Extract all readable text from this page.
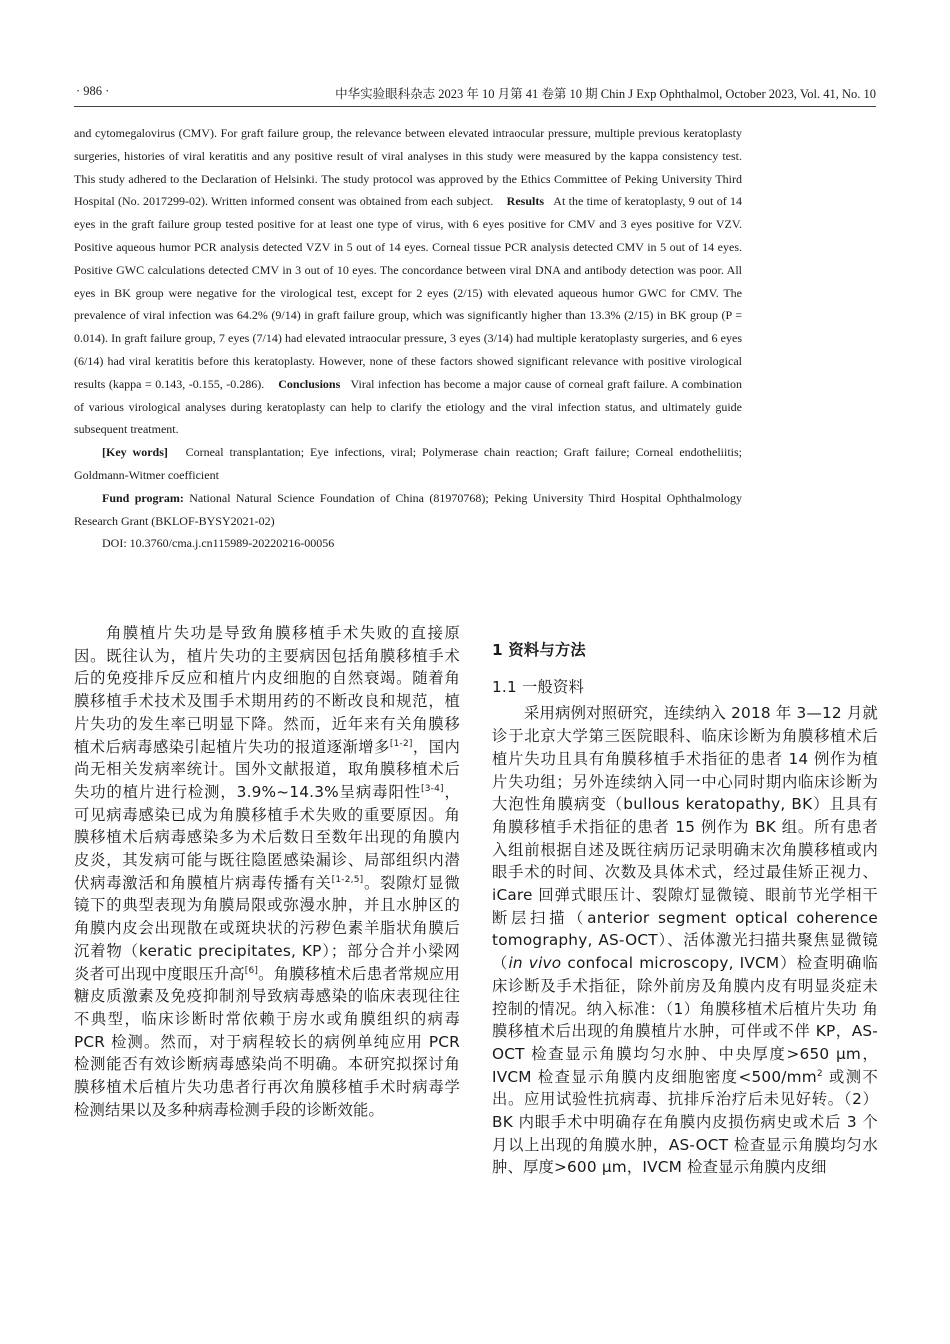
· 986 ·	中华实验眼科杂志 2023 年 10 月第 41 卷第 10 期 Chin J Exp Ophthalmol, October 2023, Vol. 41, No. 10

and cytomegalovirus (CMV). For graft failure group, the relevance between elevated intraocular pressure, multiple previous keratoplasty surgeries, histories of viral keratitis and any positive result of viral analyses in this study were measured by the kappa consistency test. This study adhered to the Declaration of Helsinki. The study protocol was approved by the Ethics Committee of Peking University Third Hospital (No. 2017299-02). Written informed consent was obtained from each subject. Results At the time of keratoplasty, 9 out of 14 eyes in the graft failure group tested positive for at least one type of virus, with 6 eyes positive for CMV and 3 eyes positive for VZV. Positive aqueous humor PCR analysis detected VZV in 5 out of 14 eyes. Corneal tissue PCR analysis detected CMV in 5 out of 14 eyes. Positive GWC calculations detected CMV in 3 out of 10 eyes. The concordance between viral DNA and antibody detection was poor. All eyes in BK group were negative for the virological test, except for 2 eyes (2/15) with elevated aqueous humor GWC for CMV. The prevalence of viral infection was 64.2% (9/14) in graft failure group, which was significantly higher than 13.3% (2/15) in BK group (P = 0.014). In graft failure group, 7 eyes (7/14) had elevated intraocular pressure, 3 eyes (3/14) had multiple keratoplasty surgeries, and 6 eyes (6/14) had viral keratitis before this keratoplasty. However, none of these factors showed significant relevance with positive virological results (kappa = 0.143, -0.155, -0.286). Conclusions Viral infection has become a major cause of corneal graft failure. A combination of various virological analyses during keratoplasty can help to clarify the etiology and the viral infection status, and ultimately guide subsequent treatment.

[Key words] Corneal transplantation; Eye infections, viral; Polymerase chain reaction; Graft failure; Corneal endotheliitis; Goldmann-Witmer coefficient

Fund program: National Natural Science Foundation of China (81970768); Peking University Third Hospital Ophthalmology Research Grant (BKLOF-BYSY2021-02)

DOI: 10.3760/cma.j.cn115989-20220216-00056

角膜植片失功是导致角膜移植手术失败的直接原因。既往认为，植片失功的主要病因包括角膜移植手术后的免疫排斥反应和植片内皮细胞的自然衰竭。随着角膜移植手术技术及围手术期用药的不断改良和规范，植片失功的发生率已明显下降。然而，近年来有关角膜移植术后病毒感染引起植片失功的报道逐渐增多[1-2]，国内尚无相关发病率统计。国外文献报道，取角膜移植术后失功的植片进行检测，3.9%~14.3%呈病毒阳性[3-4]，可见病毒感染已成为角膜移植手术失败的重要原因。角膜移植术后病毒感染多为术后数日至数年出现的角膜内皮炎，其发病可能与既往隐匿感染漏诊、局部组织内潜伏病毒激活和角膜植片病毒传播有关[1-2,5]。裂隙灯显微镜下的典型表现为角膜局限或弥漫水肿，并且水肿区的角膜内皮会出现散在或斑块状的污秽色素羊脂状角膜后沉着物（keratic precipitates, KP）；部分合并小梁网炎者可出现中度眼压升高[6]。角膜移植术后患者常规应用糖皮质激素及免疫抑制剂导致病毒感染的临床表现往往不典型，临床诊断时常依赖于房水或角膜组织的病毒 PCR 检测。然而，对于病程较长的病例单纯应用 PCR 检测能否有效诊断病毒感染尚不明确。本研究拟探讨角膜移植术后植片失功患者行再次角膜移植手术时病毒学检测结果以及多种病毒检测手段的诊断效能。

1 资料与方法

1.1 一般资料

采用病例对照研究，连续纳入 2018 年 3—12 月就诊于北京大学第三医院眼科、临床诊断为角膜移植术后植片失功且具有角膜移植手术指征的患者 14 例作为植片失功组；另外连续纳入同一中心同时期内临床诊断为大泡性角膜病变（bullous keratopathy, BK）且具有角膜移植手术指征的患者 15 例作为 BK 组。所有患者入组前根据自述及既往病历记录明确末次角膜移植或内眼手术的时间、次数及具体术式，经过最佳矫正视力、iCare 回弹式眼压计、裂隙灯显微镜、眼前节光学相干断层扫描（anterior segment optical coherence tomography, AS-OCT）、活体激光扫描共聚焦显微镜（in vivo confocal microscopy, IVCM）检查明确临床诊断及手术指征，除外前房及角膜内皮有明显炎症未控制的情况。纳入标准：（1）角膜移植术后植片失功 角膜移植术后出现的角膜植片水肿，可伴或不伴 KP，AS-OCT 检查显示角膜均匀水肿、中央厚度>650 μm，IVCM 检查显示角膜内皮细胞密度$<500/mm^2$ 或测不出。应用试验性抗病毒、抗排斥治疗后未见好转。（2）BK 内眼手术中明确存在角膜内皮损伤病史或术后 3 个月以上出现的角膜水肿，AS-OCT 检查显示角膜均匀水肿、厚度>600 μm，IVCM 检查显示角膜内皮细
